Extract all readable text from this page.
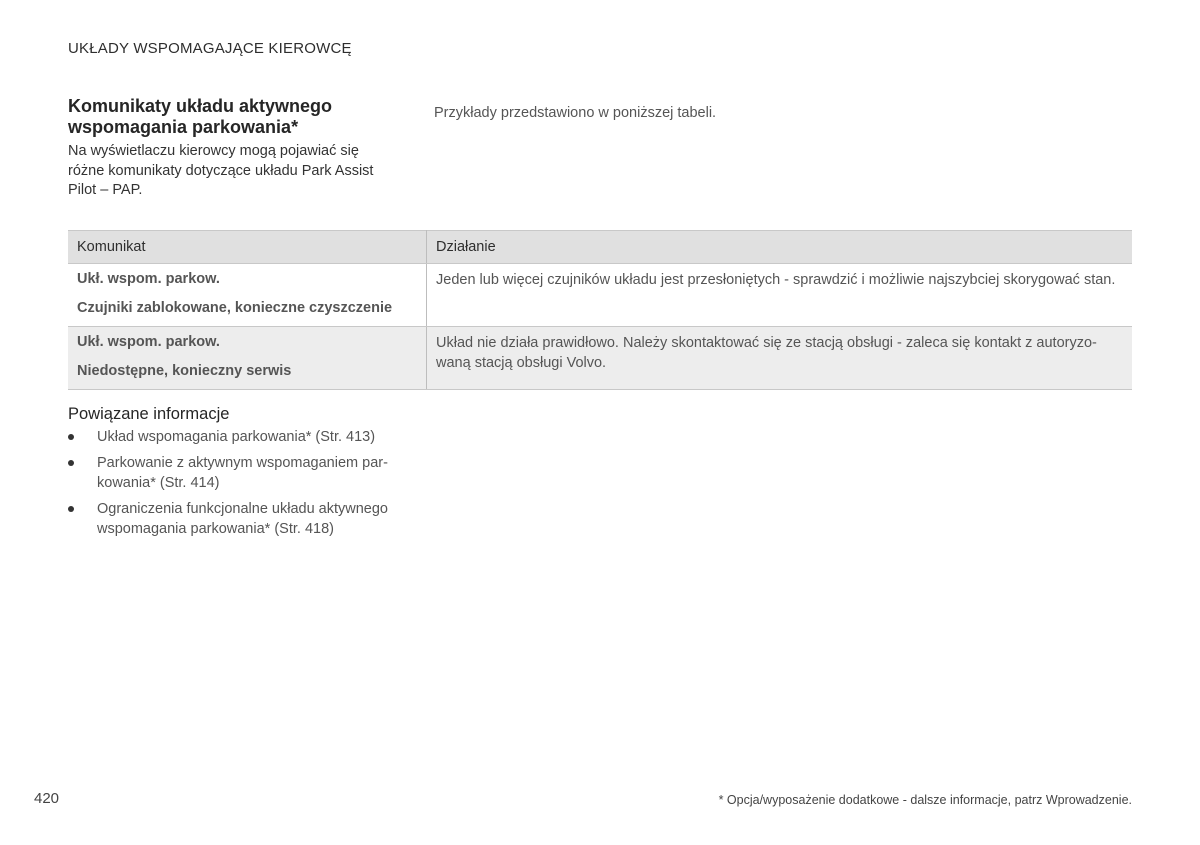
UKŁADY WSPOMAGAJĄCE KIEROWCĘ
Komunikaty układu aktywnego wspomagania parkowania*

Na wyświetlaczu kierowcy mogą pojawiać się różne komunikaty dotyczące układu Park Assist Pilot – PAP.

Przykłady przedstawiono w poniższej tabeli.

Komunikat	Działanie

Ukł. wspom. parkow.
Czujniki zablokowane, konieczne czyszczenie	Jeden lub więcej czujników układu jest przesłoniętych - sprawdzić i możliwie najszybciej skorygować stan.

Ukł. wspom. parkow.
Niedostępne, konieczny serwis	Układ nie działa prawidłowo. Należy skontaktować się ze stacją obsługi - zaleca się kontakt z autoryzo-waną stacją obsługi Volvo.
Powiązane informacje
Układ wspomagania parkowania* (Str. 413)
Parkowanie z aktywnym wspomaganiem par-kowania* (Str. 414)
Ograniczenia funkcjonalne układu aktywnego wspomagania parkowania* (Str. 418)
420	* Opcja/wyposażenie dodatkowe - dalsze informacje, patrz Wprowadzenie.
